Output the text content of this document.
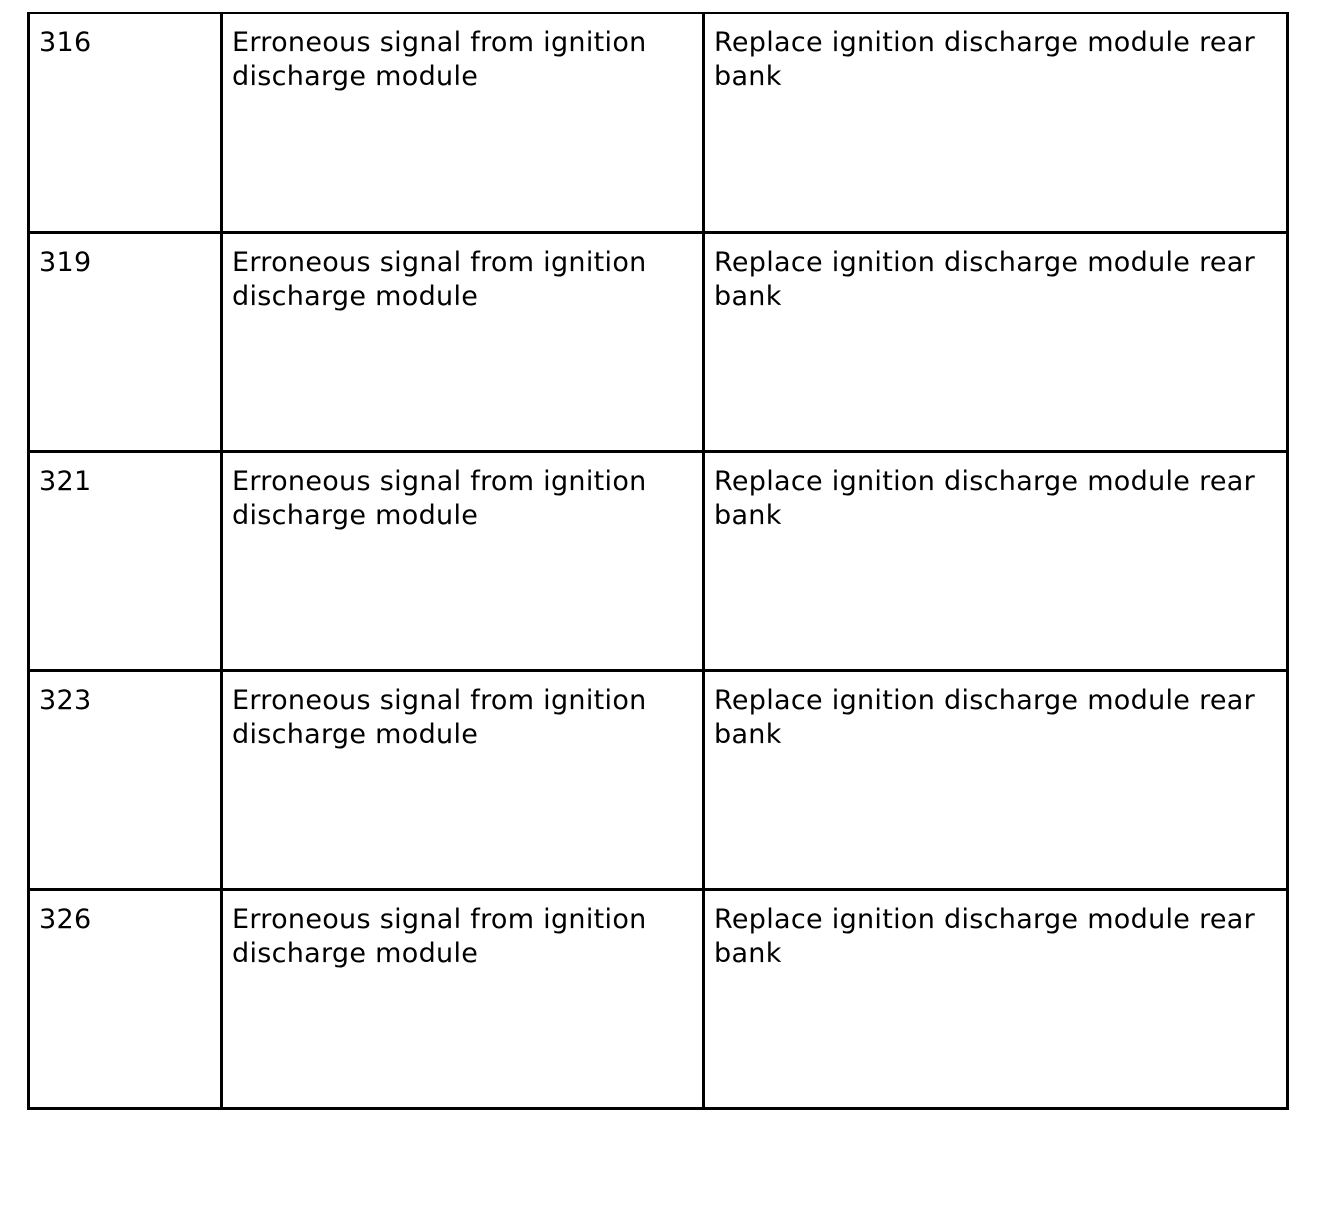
316	Erroneous signal from ignition discharge module	Replace ignition discharge module rear bank
319	Erroneous signal from ignition discharge module	Replace ignition discharge module rear bank
321	Erroneous signal from ignition discharge module	Replace ignition discharge module rear bank
323	Erroneous signal from ignition discharge module	Replace ignition discharge module rear bank
326	Erroneous signal from ignition discharge module	Replace ignition discharge module rear bank
